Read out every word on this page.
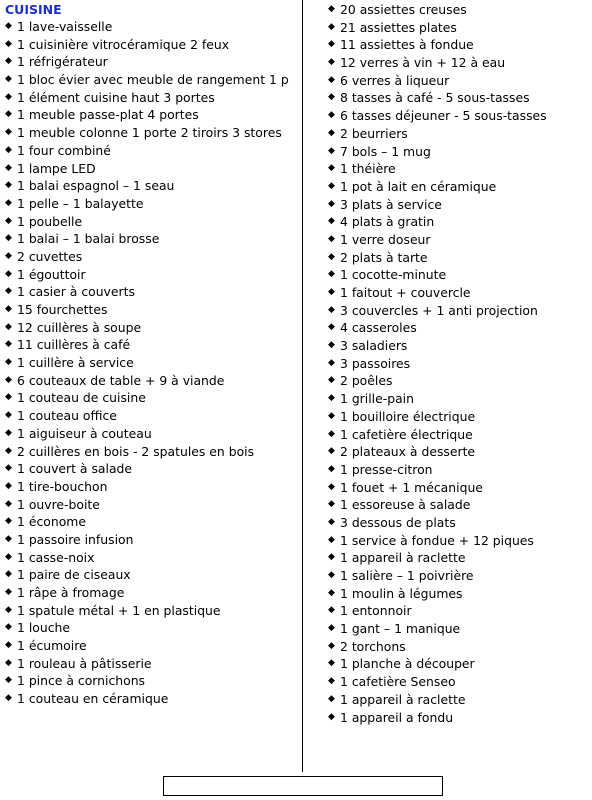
CUISINE
◆ 1 lave-vaisselle
◆ 1 cuisinière vitrocéramique 2 feux
◆ 1 réfrigérateur
◆ 1 bloc évier avec meuble de rangement 1 p
◆ 1 élément cuisine haut 3 portes
◆ 1 meuble passe-plat 4 portes
◆ 1 meuble colonne 1 porte 2 tiroirs 3 stores
◆ 1 four combiné
◆ 1 lampe LED
◆ 1 balai espagnol – 1 seau
◆ 1 pelle – 1 balayette
◆ 1 poubelle
◆ 1 balai – 1 balai brosse
◆ 2 cuvettes
◆ 1 égouttoir
◆ 1 casier à couverts
◆ 15 fourchettes
◆ 12 cuillères à soupe
◆ 11 cuillères à café
◆ 1 cuillère à service
◆ 6 couteaux de table + 9 à viande
◆ 1 couteau de cuisine
◆ 1 couteau office
◆ 1 aiguiseur à couteau
◆ 2 cuillères en bois - 2 spatules en bois
◆ 1 couvert à salade
◆ 1 tire-bouchon
◆ 1 ouvre-boite
◆ 1 économe
◆ 1 passoire infusion
◆ 1 casse-noix
◆ 1 paire de ciseaux
◆ 1 râpe à fromage
◆ 1 spatule métal + 1 en plastique
◆ 1 louche
◆ 1 écumoire
◆ 1 rouleau à pâtisserie
◆ 1 pince à cornichons
◆ 1 couteau en céramique
◆ 20 assiettes creuses
◆ 21 assiettes plates
◆ 11 assiettes à fondue
◆ 12 verres à vin + 12 à eau
◆ 6 verres à liqueur
◆ 8 tasses à café - 5 sous-tasses
◆ 6 tasses déjeuner - 5 sous-tasses
◆ 2 beurriers
◆ 7 bols – 1 mug
◆ 1 théière
◆ 1 pot à lait en céramique
◆ 3 plats à service
◆ 4 plats à gratin
◆ 1 verre doseur
◆ 2 plats à tarte
◆ 1 cocotte-minute
◆ 1 faitout + couvercle
◆ 3 couvercles + 1 anti projection
◆ 4 casseroles
◆ 3 saladiers
◆ 3 passoires
◆ 2 poêles
◆ 1 grille-pain
◆ 1 bouilloire électrique
◆ 1 cafetière électrique
◆ 2 plateaux à desserte
◆ 1 presse-citron
◆ 1 fouet + 1 mécanique
◆ 1 essoreuse à salade
◆ 3 dessous de plats
◆ 1 service à fondue + 12 piques
◆ 1 appareil à raclette
◆ 1 salière – 1 poivrière
◆ 1 moulin à légumes
◆ 1 entonnoir
◆ 1 gant – 1 manique
◆ 2 torchons
◆ 1 planche à découper
◆ 1 cafetière Senseo
◆ 1 appareil à raclette
◆ 1 appareil a fondu
